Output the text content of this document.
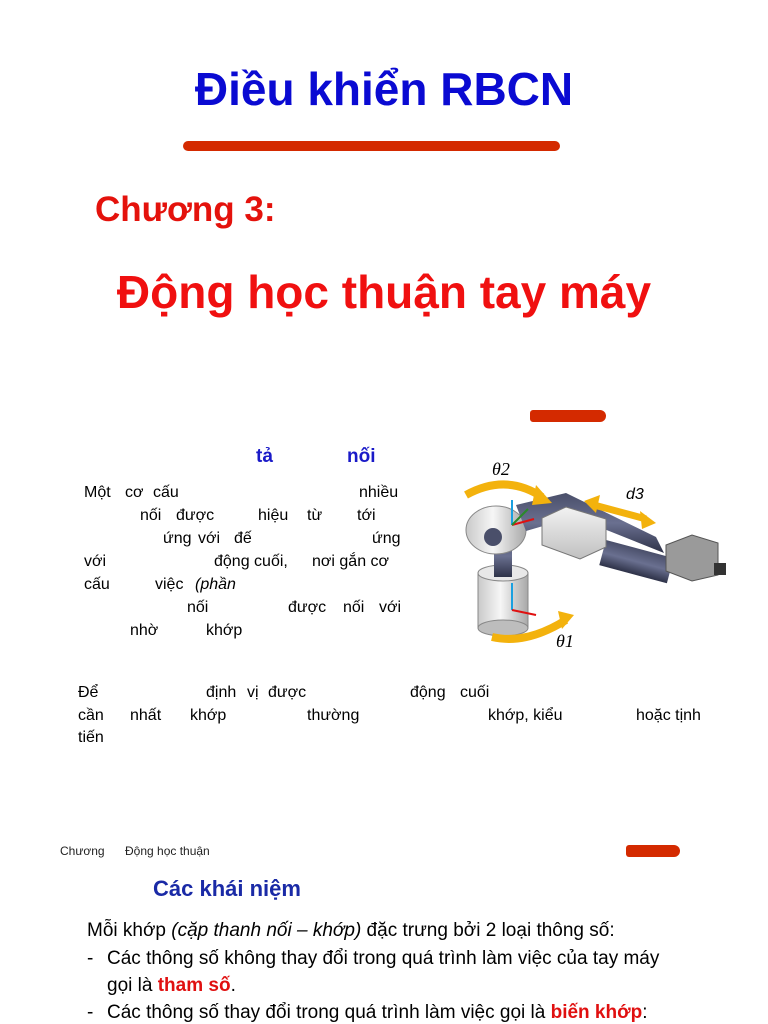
Điều khiển RBCN
Chương 3:
Động học thuận tay máy
tả	nối
Một cơ cấu	nhiều
nối được	hiệu từ tới
ứng với đế	ứng
với	động cuối, nơi gắn cơ
cấu	việc (phần
nối	được nối với
nhờ	khớp
θ2
d3
θ1
Để	định vị được	động cuối
cần nhất khớp	thường	khớp, kiểu	hoặc tịnh
tiến
Chương Động học thuận
Các khái niệm
Mỗi khớp (cặp thanh nối – khớp) đặc trưng bởi 2 loại thông số:
- Các thông số không thay đổi trong quá trình làm việc của tay máy
gọi là tham số.
- Các thông số thay đổi trong quá trình làm việc gọi là biến khớp:
